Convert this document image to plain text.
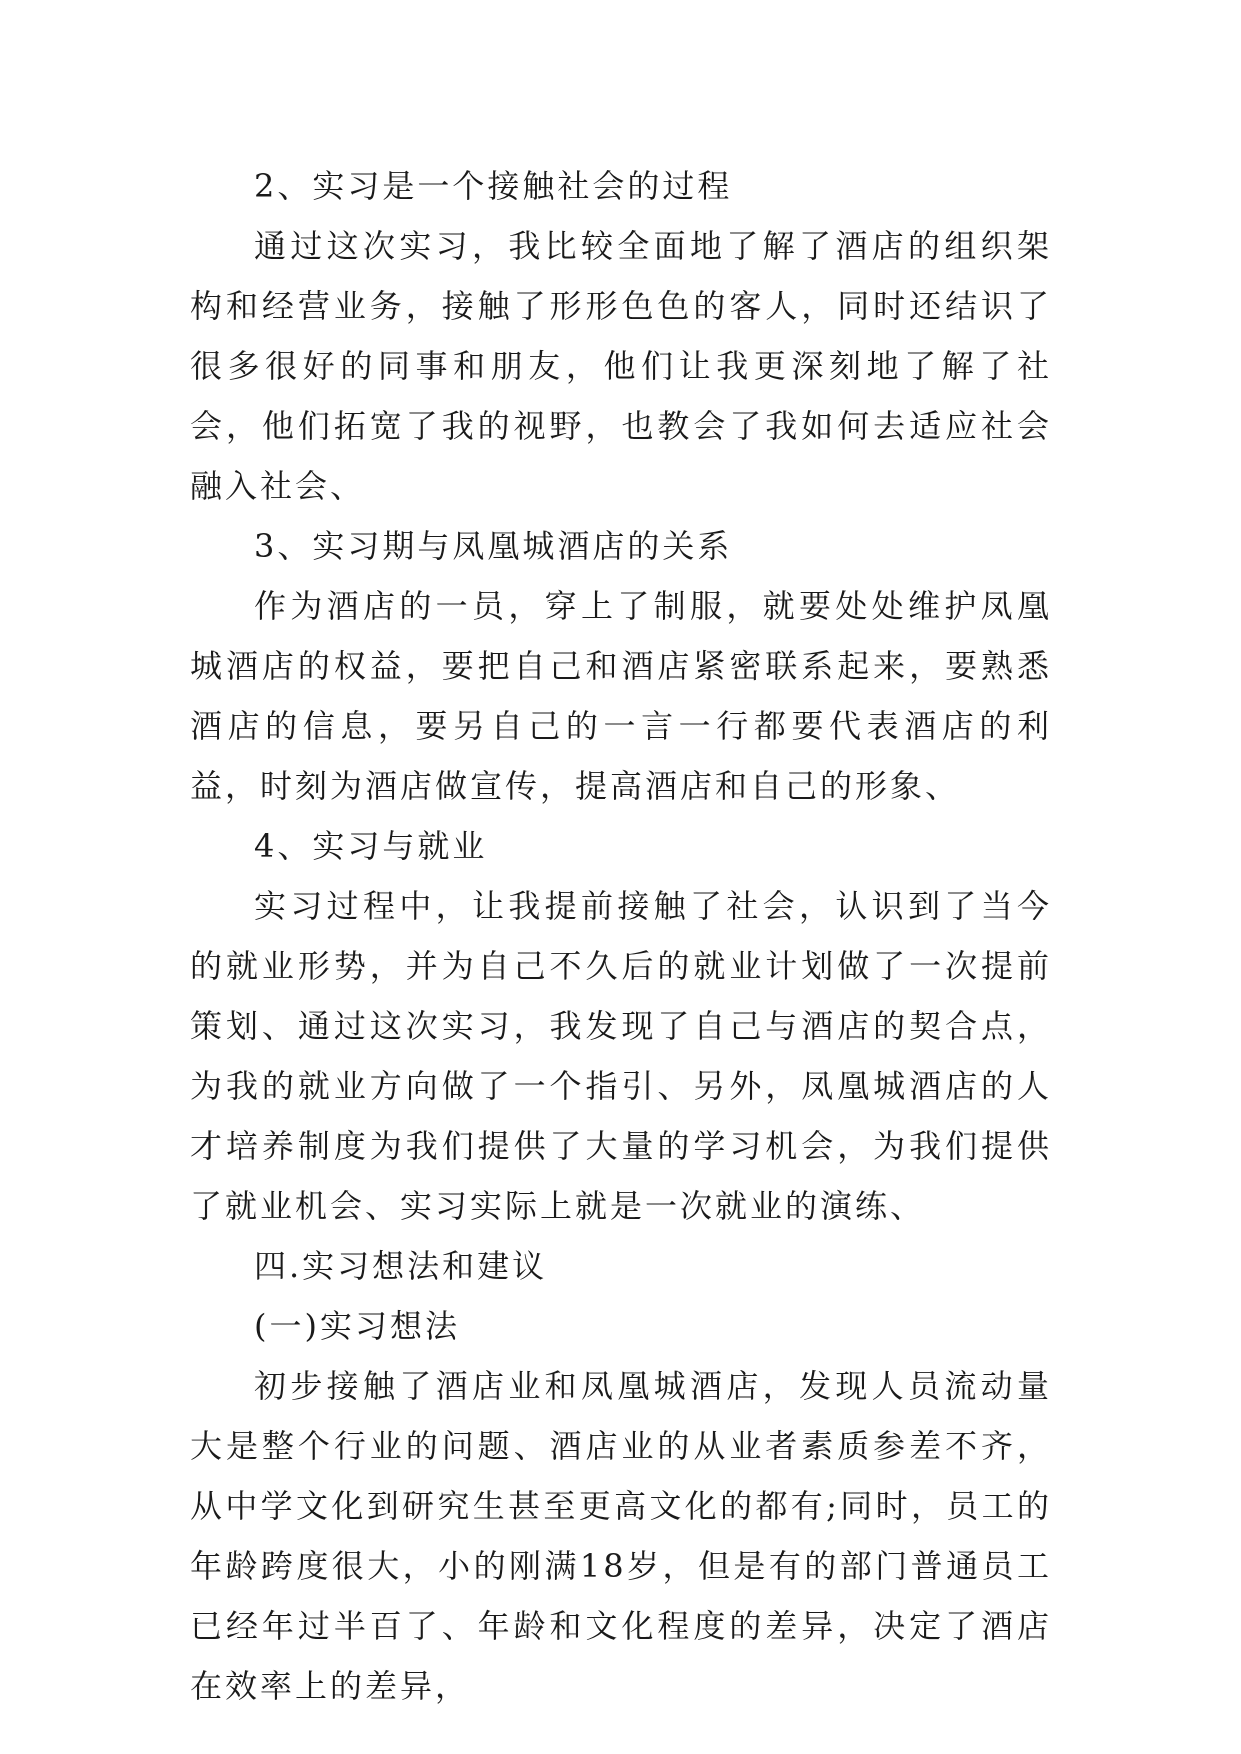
2、实习是一个接触社会的过程

通过这次实习，我比较全面地了解了酒店的组织架构和经营业务，接触了形形色色的客人，同时还结识了很多很好的同事和朋友，他们让我更深刻地了解了社会，他们拓宽了我的视野，也教会了我如何去适应社会融入社会、

3、实习期与凤凰城酒店的关系

作为酒店的一员，穿上了制服，就要处处维护凤凰城酒店的权益，要把自己和酒店紧密联系起来，要熟悉酒店的信息，要另自己的一言一行都要代表酒店的利益，时刻为酒店做宣传，提高酒店和自己的形象、

4、实习与就业

实习过程中，让我提前接触了社会，认识到了当今的就业形势，并为自己不久后的就业计划做了一次提前策划、通过这次实习，我发现了自己与酒店的契合点，为我的就业方向做了一个指引、另外，凤凰城酒店的人才培养制度为我们提供了大量的学习机会，为我们提供了就业机会、实习实际上就是一次就业的演练、

四.实习想法和建议

(一)实习想法

初步接触了酒店业和凤凰城酒店，发现人员流动量大是整个行业的问题、酒店业的从业者素质参差不齐，从中学文化到研究生甚至更高文化的都有;同时，员工的年龄跨度很大，小的刚满18岁，但是有的部门普通员工已经年过半百了、年龄和文化程度的差异，决定了酒店在效率上的差异，
